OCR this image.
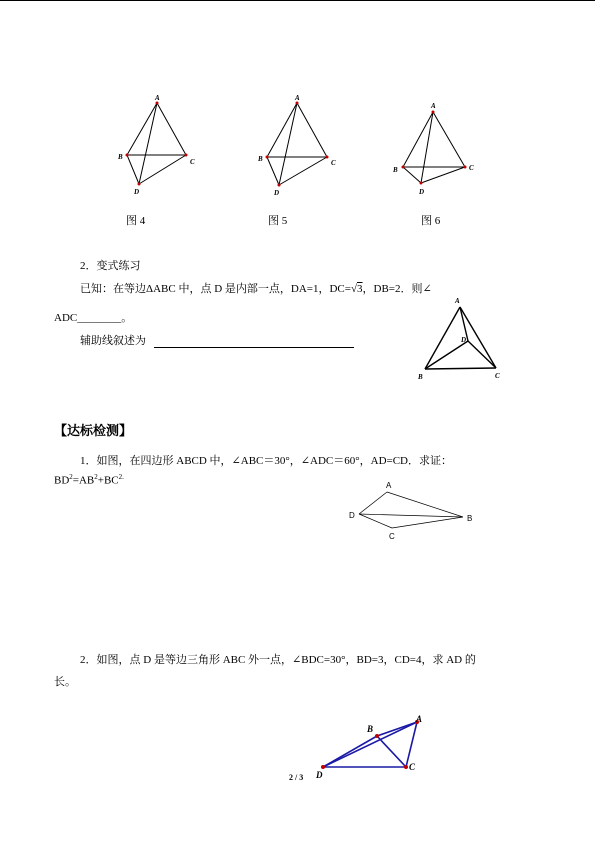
A
B
C
D
图 4
A
B	C
D
图 5
A
B	C
D
图 6
2．变式练习
已知：在等边ΔABC 中，点 D 是内部一点，DA=1，DC=√3，DB=2．则∠
ADC________。
辅助线叙述为
A
B	C
D
【达标检测】
1．如图，在四边形 ABCD 中，∠ABC＝30°，∠ADC＝60°，AD=CD．求证：
$BD^2=AB^2+BC^{2.}$
A
D	B
C
2．如图，点 D 是等边三角形 ABC 外一点，∠BDC=30°，BD=3，CD=4，求 AD 的
长。
A
B
C
D
2 / 3
